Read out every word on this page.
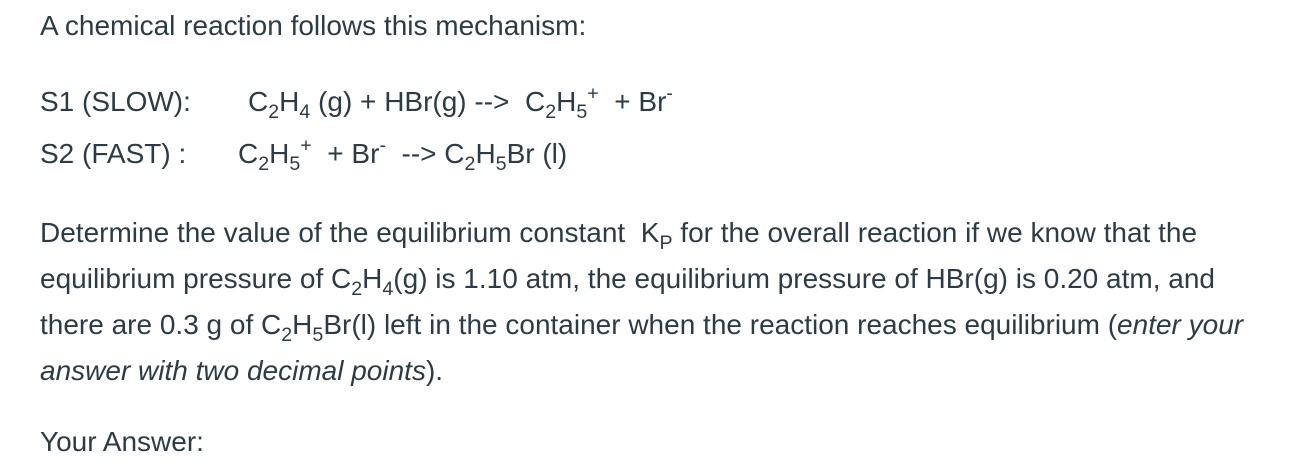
A chemical reaction follows this mechanism:
S1 (SLOW): $C_2H_4$ (g) + HBr(g) -->  $C_2H_5^+ + Br^-$
S2 (FAST) : $C_2H_5^+ + Br^-$  --> $C_2H_5Br$ (l)
Determine the value of the equilibrium constant  $K_P$ for the overall reaction if we know that the equilibrium pressure of $C_2H_4(g)$ is 1.10 atm, the equilibrium pressure of HBr(g) is 0.20 atm, and there are 0.3 g of $C_2H_5Br(l)$ left in the container when the reaction reaches equilibrium (enter your answer with two decimal points).
Your Answer:
